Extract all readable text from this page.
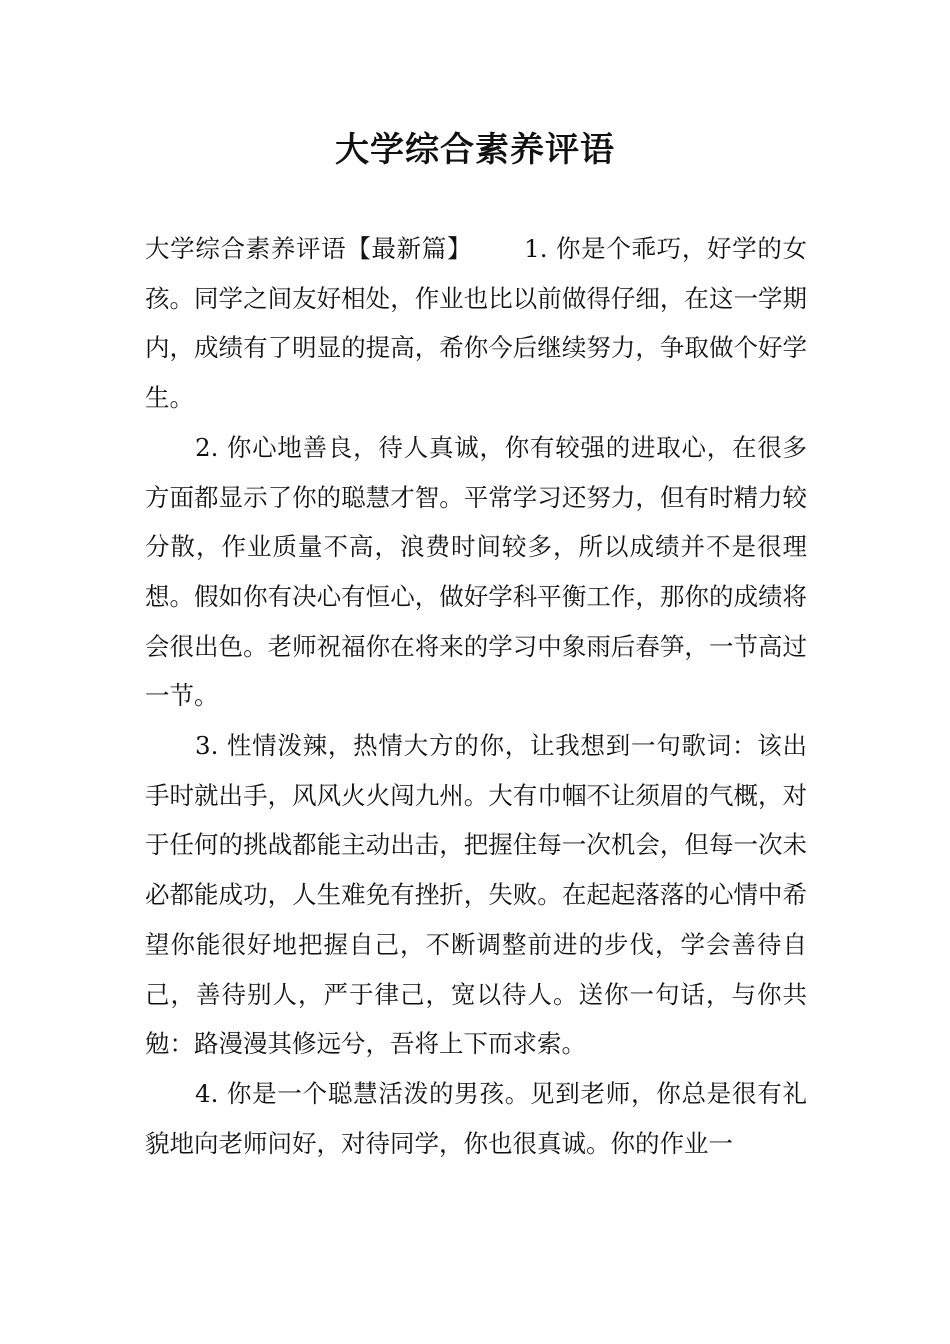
大学综合素养评语

大学综合素养评语【最新篇】 1. 你是个乖巧，好学的女孩。同学之间友好相处，作业也比以前做得仔细，在这一学期内，成绩有了明显的提高，希你今后继续努力，争取做个好学生。

2. 你心地善良，待人真诚，你有较强的进取心，在很多方面都显示了你的聪慧才智。平常学习还努力，但有时精力较分散，作业质量不高，浪费时间较多，所以成绩并不是很理想。假如你有决心有恒心，做好学科平衡工作，那你的成绩将会很出色。老师祝福你在将来的学习中象雨后春笋，一节高过一节。

3. 性情泼辣，热情大方的你，让我想到一句歌词：该出手时就出手，风风火火闯九州。大有巾帼不让须眉的气概，对于任何的挑战都能主动出击，把握住每一次机会，但每一次未必都能成功，人生难免有挫折，失败。在起起落落的心情中希望你能很好地把握自己，不断调整前进的步伐，学会善待自己，善待别人，严于律己，宽以待人。送你一句话，与你共勉：路漫漫其修远兮，吾将上下而求索。

4. 你是一个聪慧活泼的男孩。见到老师，你总是很有礼貌地向老师问好，对待同学，你也很真诚。你的作业一
